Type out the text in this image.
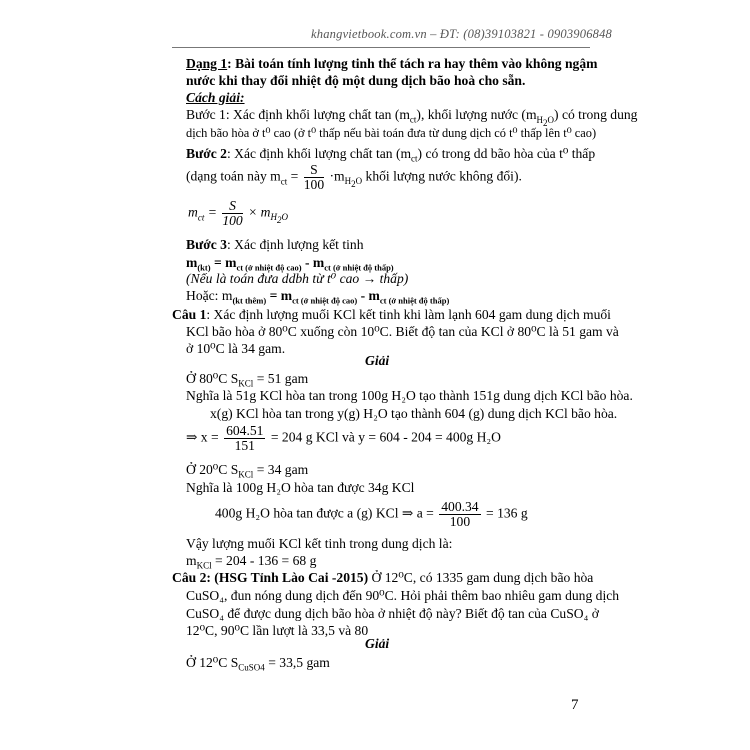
khangvietbook.com.vn – ĐT: (08)39103821 - 0903906848
Dạng 1: Bài toán tính lượng tinh thể tách ra hay thêm vào không ngậm
nước khi thay đổi nhiệt độ một dung dịch bão hoà cho sẵn.
Cách giải:
Bước 1: Xác định khối lượng chất $\tan (m_{ct})$, khối lượng nước $(m_{H_2O})$ có trong dung
dịch bão hòa ở t⁰ cao (ở t⁰ thấp nếu bài toán đưa từ dung dịch có t⁰ thấp lên t⁰ cao)
Bước 2: Xác định khối lượng chất $\tan (m_{ct})$ có trong dd bão hòa của t⁰ thấp
(dạng toán này $m_{ct} = \frac{S}{100} \cdot m_{H_2O}$ khối lượng nước không đổi).
$m_{ct} = \frac{S}{100} \times m_{H_2O}$
Bước 3: Xác định lượng kết tinh
$m_{(kt)} = m_{ct (ở nhiệt độ cao)} - m_{ct (ở nhiệt độ thấp)}$
(Nếu là toán đưa ddbh từ t⁰ cao → thấp)
Hoặc: $m_{(kt thêm)} = m_{ct (ở nhiệt độ cao)} - m_{ct (ở nhiệt độ thấp)}$
Câu 1: Xác định lượng muối KCl kết tinh khi làm lạnh 604 gam dung dịch muối
KCl bão hòa ở 80⁰C xuống còn 10⁰C. Biết độ tan của KCl ở 80⁰C là 51 gam và
ở 10⁰C là 34 gam.
Giải
Ở 80⁰C $S_{KCl} = 51$ gam
Nghĩa là 51g KCl hòa tan trong 100g H₂O tạo thành 151g dung dịch KCl bão hòa.
x(g) KCl hòa tan trong y(g) H₂O tạo thành 604 (g) dung dịch KCl bão hòa.
⇒ $x = \frac{604.51}{151} = 204$ g KCl và y = 604 - 204 = 400g H₂O
Ở 20⁰C $S_{KCl} = 34$ gam
Nghĩa là 100g H₂O hòa tan được 34g KCl
400g H₂O hòa tan được a (g) KCl ⇒ $a = \frac{400.34}{100} = 136$ g
Vậy lượng muối KCl kết tinh trong dung dịch là:
$m_{KCl} = 204 - 136 = 68$ g
Câu 2: (HSG Tỉnh Lào Cai -2015) Ở 12⁰C, có 1335 gam dung dịch bão hòa
CuSO₄, đun nóng dung dịch đến 90⁰C. Hỏi phải thêm bao nhiêu gam dung dịch
CuSO₄ để được dung dịch bão hòa ở nhiệt độ này? Biết độ tan của CuSO₄ ở
12⁰C, 90⁰C lần lượt là 33,5 và 80
Giải
Ở 12⁰C $S_{CuSO4} = 33,5$ gam
7
